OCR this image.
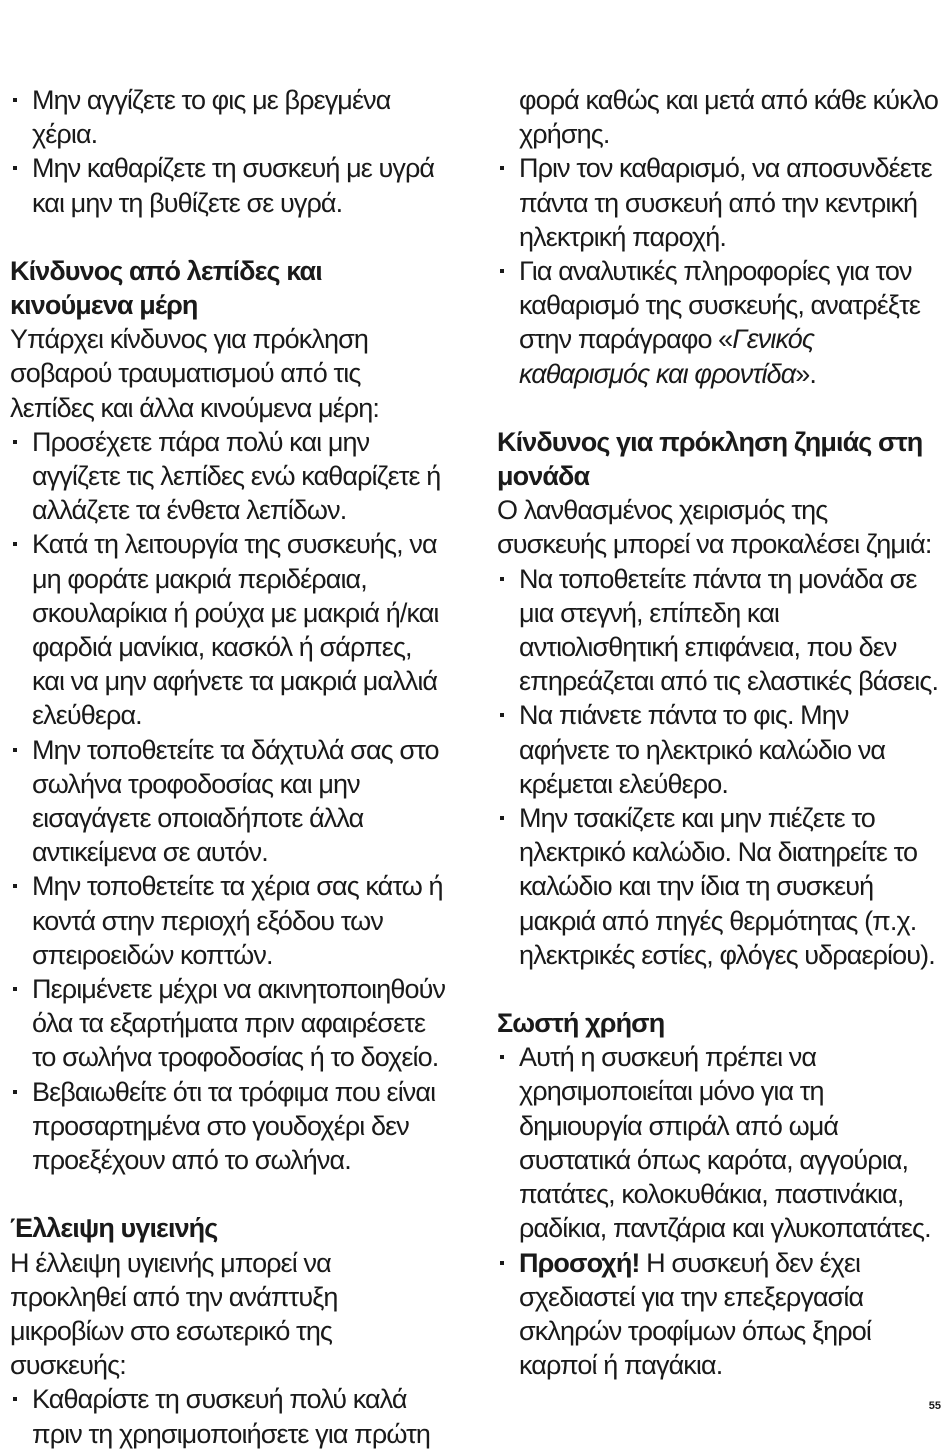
Μην αγγίζετε το φις με βρεγμένα χέρια.
Μην καθαρίζετε τη συσκευή με υγρά και μην τη βυθίζετε σε υγρά.
Κίνδυνος από λεπίδες και κινούμενα μέρη

Υπάρχει κίνδυνος για πρόκληση σοβαρού τραυματισμού από τις λεπίδες και άλλα κινούμενα μέρη:

Προσέχετε πάρα πολύ και μην αγγίζετε τις λεπίδες ενώ καθαρίζετε ή αλλάζετε τα ένθετα λεπίδων.
Κατά τη λειτουργία της συσκευής, να μη φοράτε μακριά περιδέραια, σκουλαρίκια ή ρούχα με μακριά ή/και φαρδιά μανίκια, κασκόλ ή σάρπες, και να μην αφήνετε τα μακριά μαλλιά ελεύθερα.
Μην τοποθετείτε τα δάχτυλά σας στο σωλήνα τροφοδοσίας και μην εισαγάγετε οποιαδήποτε άλλα αντικείμενα σε αυτόν.
Μην τοποθετείτε τα χέρια σας κάτω ή κοντά στην περιοχή εξόδου των σπειροειδών κοπτών.
Περιμένετε μέχρι να ακινητοποιηθούν όλα τα εξαρτήματα πριν αφαιρέσετε το σωλήνα τροφοδοσίας ή το δοχείο.
Βεβαιωθείτε ότι τα τρόφιμα που είναι προσαρτημένα στο γουδοχέρι δεν προεξέχουν από το σωλήνα.
Έλλειψη υγιεινής

Η έλλειψη υγιεινής μπορεί να προκληθεί από την ανάπτυξη μικροβίων στο εσωτερικό της συσκευής:

Καθαρίστε τη συσκευή πολύ καλά πριν τη χρησιμοποιήσετε για πρώτη

φορά καθώς και μετά από κάθε κύκλο χρήσης.

Πριν τον καθαρισμό, να αποσυνδέετε πάντα τη συσκευή από την κεντρική ηλεκτρική παροχή.
Για αναλυτικές πληροφορίες για τον καθαρισμό της συσκευής, ανατρέξτε στην παράγραφο «Γενικός καθαρισμός και φροντίδα».
Κίνδυνος για πρόκληση ζημιάς στη μονάδα

Ο λανθασμένος χειρισμός της συσκευής μπορεί να προκαλέσει ζημιά:

Να τοποθετείτε πάντα τη μονάδα σε μια στεγνή, επίπεδη και αντιολισθητική επιφάνεια, που δεν επηρεάζεται από τις ελαστικές βάσεις.
Να πιάνετε πάντα το φις. Μην αφήνετε το ηλεκτρικό καλώδιο να κρέμεται ελεύθερο.
Μην τσακίζετε και μην πιέζετε το ηλεκτρικό καλώδιο. Να διατηρείτε το καλώδιο και την ίδια τη συσκευή μακριά από πηγές θερμότητας (π.χ. ηλεκτρικές εστίες, φλόγες υδραερίου).
Σωστή χρήση
Αυτή η συσκευή πρέπει να χρησιμοποιείται μόνο για τη δημιουργία σπιράλ από ωμά συστατικά όπως καρότα, αγγούρια, πατάτες, κολοκυθάκια, παστινάκια, ραδίκια, παντζάρια και γλυκοπατάτες.
Προσοχή! Η συσκευή δεν έχει σχεδιαστεί για την επεξεργασία σκληρών τροφίμων όπως ξηροί καρποί ή παγάκια.
55
